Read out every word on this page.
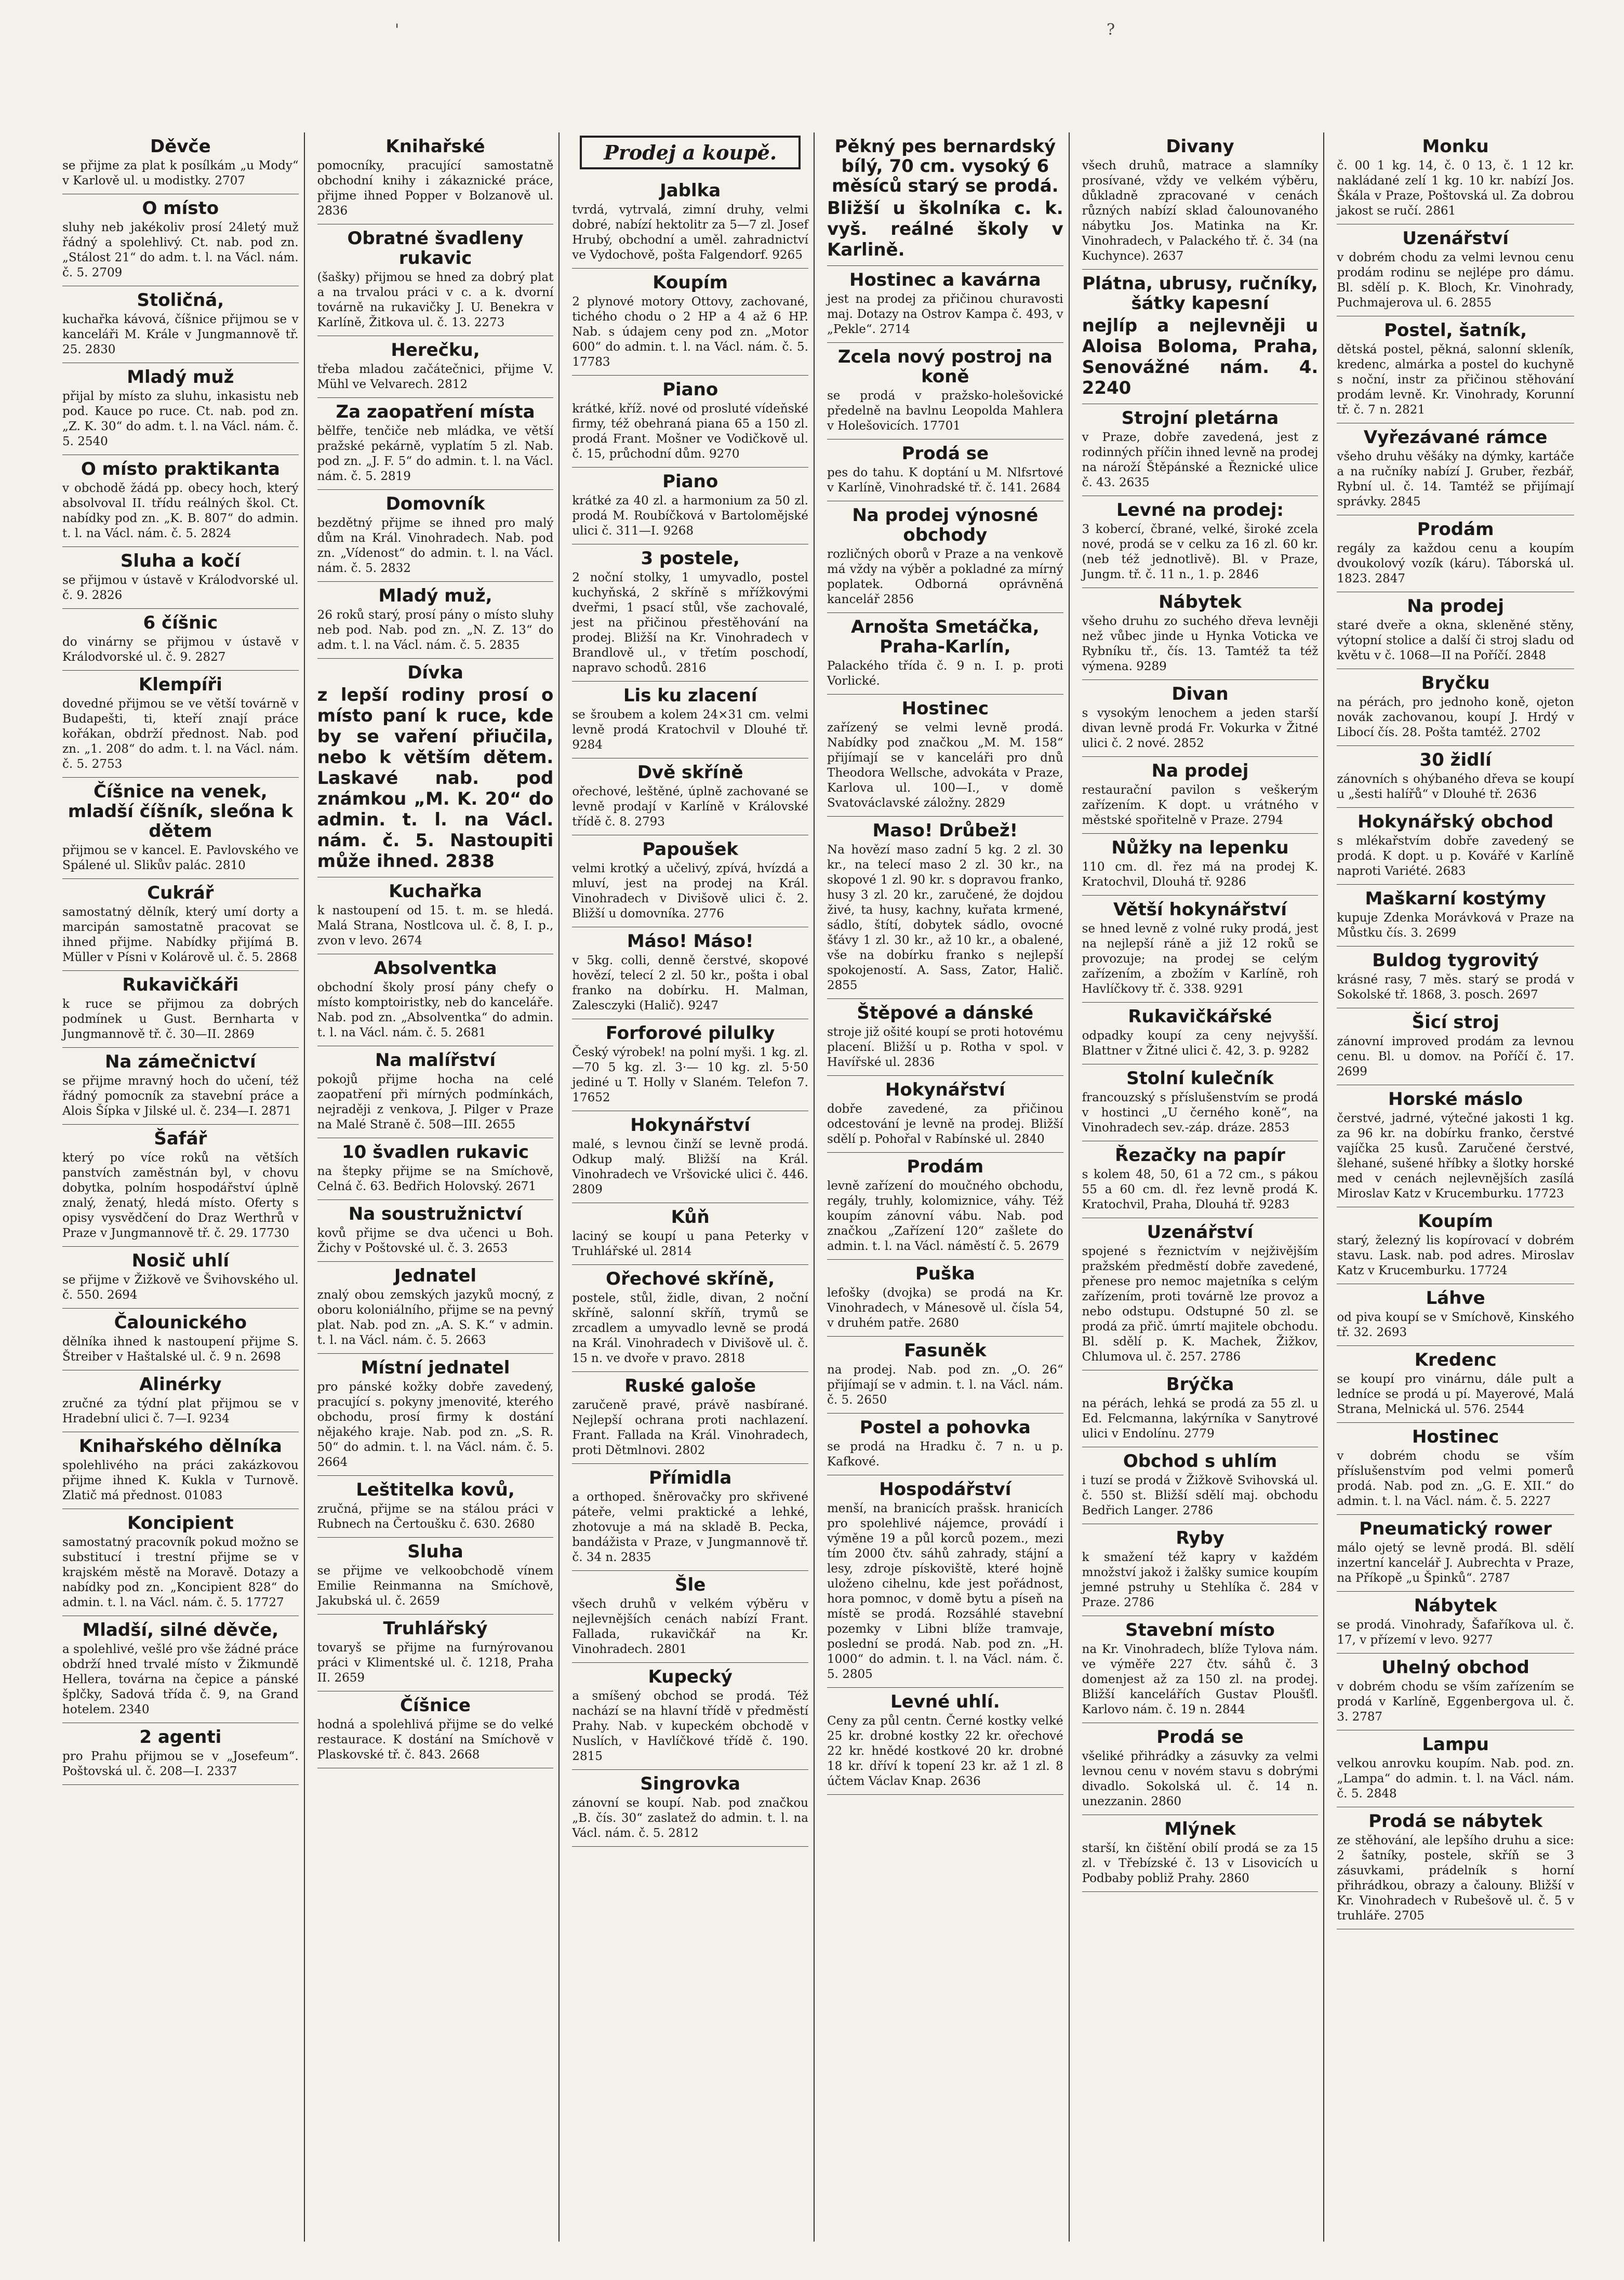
'	?
Děvče

se přijme za plat k posílkám „u Mody“ v Karlově ul. u modistky. 2707

O místo

sluhy neb jakékoliv prosí 24letý muž řádný a spolehlivý. Ct. nab. pod zn. „Stálost 21“ do adm. t. l. na Václ. nám. č. 5. 2709

Stoličná,

kuchařka kávová, číšnice přijmou se v kanceláři M. Krále v Jungmannově tř. 25. 2830

Mladý muž

přijal by místo za sluhu, inkasistu neb pod. Kauce po ruce. Ct. nab. pod zn. „Z. K. 30“ do adm. t. l. na Václ. nám. č. 5. 2540

O místo praktikanta

v obchodě žádá pp. obecy hoch, který absolvoval II. třídu reálných škol. Ct. nabídky pod zn. „K. B. 807“ do admin. t. l. na Václ. nám. č. 5. 2824

Sluha a kočí

se přijmou v ústavě v Králodvorské ul. č. 9. 2826

6 číšnic

do vinárny se přijmou v ústavě v Králodvorské ul. č. 9. 2827

Klempíři

dovedné přijmou se ve větší továrně v Budapešti, ti, kteří znají práce kořákan, obdrží přednost. Nab. pod zn. „1. 208“ do adm. t. l. na Václ. nám. č. 5. 2753

Číšnice na venek, mladší číšník, sleőna k dětem

přijmou se v kancel. E. Pavlovského ve Spálené ul. Slikův palác. 2810

Cukrář

samostatný dělník, který umí dorty a marcipán samostatně pracovat se ihned přijme. Nabídky přijímá B. Müller v Písni v Kolárově ul. č. 5. 2868

Rukavičkáři

k ruce se přijmou za dobrých podmínek u Gust. Bernharta v Jungmannově tř. č. 30—II. 2869

Na zámečnictví

se přijme mravný hoch do učení, též řádný pomocník za stavební práce a Alois Šípka v Jilské ul. č. 234—I. 2871

Šafář

který po více roků na větších panstvích zaměstnán byl, v chovu dobytka, polním hospodářství úplně znalý, ženatý, hledá místo. Oferty s opisy vysvědčení do Draz Werthrů v Praze v Jungmannově tř. č. 29. 17730

Nosič uhlí

se přijme v Žižkově ve Švihovského ul. č. 550. 2694

Čalounického

dělníka ihned k nastoupení přijme S. Štreiber v Haštalské ul. č. 9 n. 2698

Alinérky

zručné za týdní plat přijmou se v Hradební ulici č. 7—I. 9234

Knihařského dělníka

spolehlivého na práci zakázkovou přijme ihned K. Kukla v Turnově. Zlatič má přednost. 01083

Koncipient

samostatný pracovník pokud možno se substitucí i trestní přijme se v krajském městě na Moravě. Dotazy a nabídky pod zn. „Koncipient 828“ do admin. t. l. na Václ. nám. č. 5. 17727

Mladší, silné děvče,

a spolehlivé, vešlé pro vše žádné práce obdrží hned trvalé místo v Žikmundě Hellera, továrna na čepice a pánské šplčky, Sadová třída č. 9, na Grand hotelem. 2340

2 agenti

pro Prahu přijmou se v „Josefeum“. Poštovská ul. č. 208—I. 2337

Knihařské

pomocníky, pracující samostatně obchodní knihy i zákaznické práce, přijme ihned Popper v Bolzanově ul. 2836

Obratné švadleny rukavic

(šašky) přijmou se hned za dobrý plat a na trvalou práci v c. a k. dvorní továrně na rukavičky J. U. Benekra v Karlíně, Žitkova ul. č. 13. 2273

Herečku,

třeba mladou začátečnici, přijme V. Mühl ve Velvarech. 2812

Za zaopatření místa

bělfře, tenčiče neb mládka, ve větší pražské pekárně, vyplatím 5 zl. Nab. pod zn. „J. F. 5“ do admin. t. l. na Václ. nám. č. 5. 2819

Domovník

bezdětný přijme se ihned pro malý dům na Král. Vinohradech. Nab. pod zn. „Vídenost“ do admin. t. l. na Václ. nám. č. 5. 2832

Mladý muž,

26 roků starý, prosí pány o místo sluhy neb pod. Nab. pod zn. „N. Z. 13“ do adm. t. l. na Václ. nám. č. 5. 2835

Dívka

z lepší rodiny prosí o místo paní k ruce, kde by se vaření přiučila, nebo k větším dětem. Laskavé nab. pod známkou „M. K. 20“ do admin. t. l. na Václ. nám. č. 5. Nastoupiti může ihned. 2838

Kuchařka

k nastoupení od 15. t. m. se hledá. Malá Strana, Nostlcova ul. č. 8, I. p., zvon v levo. 2674

Absolventka

obchodní školy prosí pány chefy o místo komptoiristky, neb do kanceláře. Nab. pod zn. „Absolventka“ do admin. t. l. na Václ. nám. č. 5. 2681

Na malířství

pokojů přijme hocha na celé zaopatření při mírných podmínkách, nejraději z venkova, J. Pilger v Praze na Malé Straně č. 508—III. 2655

10 švadlen rukavic

na štepky přijme se na Smíchově, Celná č. 63. Bedřich Holovský. 2671

Na soustružnictví

kovů přijme se dva učenci u Boh. Žichy v Poštovské ul. č. 3. 2653

Jednatel

znalý obou zemských jazyků mocný, z oboru koloniálního, přijme se na pevný plat. Nab. pod zn. „A. S. K.“ v admin. t. l. na Václ. nám. č. 5. 2663

Místní jednatel

pro pánské kožky dobře zavedený, pracující s. pokyny jmenovité, kterého obchodu, prosí firmy k dostání nějakého kraje. Nab. pod zn. „S. R. 50“ do admin. t. l. na Václ. nám. č. 5. 2664

Leštitelka kovů,

zručná, přijme se na stálou práci v Rubnech na Čertoušku č. 630. 2680

Sluha

se přijme ve velkoobchodě vínem Emilie Reinmanna na Smíchově, Jakubská ul. č. 2659

Truhlářský

tovaryš se přijme na furnýrovanou práci v Klimentské ul. č. 1218, Praha II. 2659

Číšnice

hodná a spolehlivá přijme se do velké restaurace. K dostání na Smíchově v Plaskovské tř. č. 843. 2668

Prodej a koupě.
Jablka

tvrdá, vytrvalá, zimní druhy, velmi dobré, nabízí hektolitr za 5—7 zl. Josef Hrubý, obchodní a uměl. zahradnictví ve Vydochově, pošta Falgendorf. 9265

Koupím

2 plynové motory Ottovy, zachované, tichého chodu o 2 HP a 4 až 6 HP. Nab. s údajem ceny pod zn. „Motor 600“ do admin. t. l. na Václ. nám. č. 5. 17783

Piano

krátké, kříž. nové od prosluté vídeňské firmy, též obehraná piana 65 a 150 zl. prodá Frant. Mošner ve Vodičkově ul. č. 15, průchodní dům. 9270

Piano

krátké za 40 zl. a harmonium za 50 zl. prodá M. Roubíčková v Bartolomějské ulici č. 311—I. 9268

3 postele,

2 noční stolky, 1 umyvadlo, postel kuchyňská, 2 skříně s mřížkovými dveřmi, 1 psací stůl, vše zachovalé, jest na přičinou přestěhování na prodej. Bližší na Kr. Vinohradech v Brandlově ul., v třetím poschodí, napravo schodů. 2816

Lis ku zlacení

se šroubem a kolem 24×31 cm. velmi levně prodá Kratochvil v Dlouhé tř. 9284

Dvě skříně

ořechové, leštěné, úplně zachované se levně prodají v Karlíně v Královské třídě č. 8. 2793

Papoušek

velmi krotký a učelivý, zpívá, hvízdá a mluví, jest na prodej na Král. Vinohradech v Divišově ulici č. 2. Bližší u domovníka. 2776

Máso! Máso!

v 5kg. colli, denně čerstvé, skopové hovězí, telecí 2 zl. 50 kr., pošta i obal franko na dobírku. H. Malman, Zalesczyki (Halič). 9247

Forforové pilulky

Český výrobek! na polní myši. 1 kg. zl. —70 5 kg. zl. 3·— 10 kg. zl. 5·50 jediné u T. Holly v Slaném. Telefon 7. 17652

Hokynářství

malé, s levnou činží se levně prodá. Odkup malý. Bližší na Král. Vinohradech ve Vršovické ulici č. 446. 2809

Kůň

laciný se koupí u pana Peterky v Truhlářské ul. 2814

Ořechové skříně,

postele, stůl, židle, divan, 2 noční skříně, salonní skříň, trymů se zrcadlem a umyvadlo levně se prodá na Král. Vinohradech v Divišově ul. č. 15 n. ve dvoře v pravo. 2818

Ruské galoše

zaručeně pravé, právě nasbírané. Nejlepší ochrana proti nachlazení. Frant. Fallada na Král. Vinohradech, proti Dětmlnovi. 2802

Přímidla

a orthoped. šněrovačky pro skřivené páteře, velmi praktické a lehké, zhotovuje a má na skladě B. Pecka, bandážista v Praze, v Jungmannově tř. č. 34 n. 2835

Šle

všech druhů v velkém výběru v nejlevnějších cenách nabízí Frant. Fallada, rukavičkář na Kr. Vinohradech. 2801

Kupecký

a smíšený obchod se prodá. Též nachází se na hlavní třídě v předměstí Prahy. Nab. v kupeckém obchodě v Nuslích, v Havlíčkové třídě č. 190. 2815

Singrovka

zánovní se koupí. Nab. pod značkou „B. čís. 30“ zaslatež do admin. t. l. na Václ. nám. č. 5. 2812

Pěkný pes bernardský bílý, 70 cm. vysoký 6 měsíců starý se prodá.

Bližší u školníka c. k. vyš. reálné školy v Karlině.

Hostinec a kavárna

jest na prodej za přičinou churavosti maj. Dotazy na Ostrov Kampa č. 493, v „Pekle“. 2714

Zcela nový postroj na koně

se prodá v pražsko-holešovické předelně na bavlnu Leopolda Mahlera v Holešovicích. 17701

Prodá se

pes do tahu. K doptání u M. Nlfsrtové v Karlíně, Vinohradské tř. č. 141. 2684

Na prodej výnosné obchody

rozličných oborů v Praze a na venkově má vždy na výběr a pokladné za mírný poplatek. Odborná oprávněná kancelář 2856

Arnošta Smetáčka, Praha-Karlín,

Palackého třída č. 9 n. I. p. proti Vorlické.

Hostinec

zařízený se velmi levně prodá. Nabídky pod značkou „M. M. 158“ přijímají se v kanceláři pro dnů Theodora Wellsche, advokáta v Praze, Karlova ul. 100—I., v domě Svatováclavské záložny. 2829

Maso! Drůbež!

Na hovězí maso zadní 5 kg. 2 zl. 30 kr., na telecí maso 2 zl. 30 kr., na skopové 1 zl. 90 kr. s dopravou franko, husy 3 zl. 20 kr., zaručené, že dojdou živé, ta husy, kachny, kuřata krmené, sádlo, štítí, dobytek sádlo, ovocné šťávy 1 zl. 30 kr., až 10 kr., a obalené, vše na dobírku franko s nejlepší spokojeností. A. Sass, Zator, Halič. 2855

Štěpové a dánské

stroje již ošité koupí se proti hotovému placení. Bližší u p. Rotha v spol. v Havířské ul. 2836

Hokynářství

dobře zavedené, za přičinou odcestování je levně na prodej. Bližší sdělí p. Pohořal v Rabínské ul. 2840

Prodám

levně zařízení do moučného obchodu, regály, truhly, kolomiznice, váhy. Též koupím zánovní vábu. Nab. pod značkou „Zařízení 120“ zašlete do admin. t. l. na Václ. náměstí č. 5. 2679

Puška

lefošky (dvojka) se prodá na Kr. Vinohradech, v Mánesově ul. čísla 54, v druhém patře. 2680

Fasuněk

na prodej. Nab. pod zn. „O. 26“ přijímají se v admin. t. l. na Václ. nám. č. 5. 2650

Postel a pohovka

se prodá na Hradku č. 7 n. u p. Kafkové.

Hospodářství

menší, na branicích prašsk. hranicích pro spolehlivé nájemce, provádí i výměne 19 a půl korců pozem., mezi tím 2000 čtv. sáhů zahrady, stájní a lesy, zdroje pískoviště, které hojně uloženo cihelnu, kde jest pořádnost, hora pomnoc, v domě bytu a píseň na místě se prodá. Rozsáhlé stavební pozemky v Libni blíže tramvaje, poslední se prodá. Nab. pod zn. „H. 1000“ do admin. t. l. na Václ. nám. č. 5. 2805

Levné uhlí.

Ceny za půl centn. Černé kostky velké 25 kr. drobné kostky 22 kr. ořechové 22 kr. hnědé kostkové 20 kr. drobné 18 kr. dříví k topení 23 kr. až 1 zl. 8 účtem Václav Knap. 2636

Divany

všech druhů, matrace a slamníky prosívané, vždy ve velkém výběru, důkladně zpracované v cenách různých nabízí sklad čalounovaného nábytku Jos. Matinka na Kr. Vinohradech, v Palackého tř. č. 34 (na Kuchynce). 2637

Plátna, ubrusy, ručníky, šátky kapesní

nejlíp a nejlevněji u Aloisa Boloma, Praha, Senovážné nám. 4. 2240

Strojní pletárna

v Praze, dobře zavedená, jest z rodinných příčin ihned levně na prodej na nároží Štěpánské a Řeznické ulice č. 43. 2635

Levné na prodej:

3 kobercí, čbrané, velké, široké zcela nové, prodá se v celku za 16 zl. 60 kr. (neb též jednotlivě). Bl. v Praze, Jungm. tř. č. 11 n., 1. p. 2846

Nábytek

všeho druhu zo suchého dřeva levněji než vůbec jinde u Hynka Voticka ve Rybníku tř., čís. 13. Tamtéž ta též výmena. 9289

Divan

s vysokým lenochem a jeden starší divan levně prodá Fr. Vokurka v Žitné ulici č. 2 nové. 2852

Na prodej

restaurační pavilon s veškerým zařízením. K dopt. u vrátného v městské spořitelně v Praze. 2794

Nůžky na lepenku

110 cm. dl. řez má na prodej K. Kratochvil, Dlouhá tř. 9286

Větší hokynářství

se hned levně z volné ruky prodá, jest na nejlepší ráně a již 12 roků se provozuje; na prodej se celým zařízením, a zbožím v Karlíně, roh Havlíčkovy tř. č. 338. 9291

Rukavičkářské

odpadky koupí za ceny nejvyšší. Blattner v Žitné ulici č. 42, 3. p. 9282

Stolní kulečník

francouzský s příslušenstvím se prodá v hostinci „U černého koně“, na Vinohradech sev.-záp. dráze. 2853

Řezačky na papír

s kolem 48, 50, 61 a 72 cm., s pákou 55 a 60 cm. dl. řez levně prodá K. Kratochvil, Praha, Dlouhá tř. 9283

Uzenářství

spojené s řeznictvím v nejživějším pražském předměstí dobře zavedené, přenese pro nemoc majetníka s celým zařízením, proti továrně lze provoz a nebo odstupu. Odstupné 50 zl. se prodá za přič. úmrtí majitele obchodu. Bl. sdělí p. K. Machek, Žižkov, Chlumova ul. č. 257. 2786

Brýčka

na pérách, lehká se prodá za 55 zl. u Ed. Felcmanna, lakýrníka v Sanytrové ulici v Endolínu. 2779

Obchod s uhlím

i tuzí se prodá v Žižkově Svihovská ul. č. 550 st. Bližší sdělí maj. obchodu Bedřich Langer. 2786

Ryby

k smažení též kapry v každém množství jakož i žalšky sumice koupím jemné pstruhy u Stehlíka č. 284 v Praze. 2786

Stavební místo

na Kr. Vinohradech, blíže Tylova nám. ve výměře 227 čtv. sáhů č. 3 domenjest až za 150 zl. na prodej. Bližší kancelářích Gustav Ploušťl. Karlovo nám. č. 19 n. 2844

Prodá se

všeliké přihrádky a zásuvky za velmi levnou cenu v novém stavu s dobrými divadlo. Sokolská ul. č. 14 n. unezzanin. 2860

Mlýnek

starší, kn čištění obilí prodá se za 15 zl. v Třebízské č. 13 v Lisovicích u Podbaby pobliž Prahy. 2860

Monku

č. 00 1 kg. 14, č. 0 13, č. 1 12 kr. nakládané zelí 1 kg. 10 kr. nabízí Jos. Škála v Praze, Poštovská ul. Za dobrou jakost se ručí. 2861

Uzenářství

v dobrém chodu za velmi levnou cenu prodám rodinu se nejlépe pro dámu. Bl. sdělí p. K. Bloch, Kr. Vinohrady, Puchmajerova ul. 6. 2855

Postel, šatník,

dětská postel, pěkná, salonní skleník, kredenc, almárka a postel do kuchyně s noční, instr za přičinou stěhování prodám levně. Kr. Vinohrady, Korunní tř. č. 7 n. 2821

Vyřezávané rámce

všeho druhu věšáky na dýmky, kartáče a na ručníky nabízí J. Gruber, řezbář, Rybní ul. č. 14. Tamtéž se přijímají správky. 2845

Prodám

regály za každou cenu a koupím dvoukolový vozík (káru). Táborská ul. 1823. 2847

Na prodej

staré dveře a okna, skleněné stěny, výtopní stolice a další či stroj sladu od květu v č. 1068—II na Poříčí. 2848

Bryčku

na pérách, pro jednoho koně, ojeton novák zachovanou, koupí J. Hrdý v Libocí čís. 28. Pošta tamtéž. 2702

30 židlí

zánovních s ohýbaného dřeva se koupí u „šesti halířů“ v Dlouhé tř. 2636

Hokynářský obchod

s mlékařstvím dobře zavedený se prodá. K dopt. u p. Kovářé v Karlíně naproti Variété. 2683

Maškarní kostýmy

kupuje Zdenka Morávková v Praze na Můstku čís. 3. 2699

Buldog tygrovitý

krásné rasy, 7 měs. starý se prodá v Sokolské tř. 1868, 3. posch. 2697

Šicí stroj

zánovní improved prodám za levnou cenu. Bl. u domov. na Poříčí č. 17. 2699

Horské máslo

čerstvé, jadrné, výtečné jakosti 1 kg. za 96 kr. na dobírku franko, čerstvé vajíčka 25 kusů. Zaručené čerstvé, šlehané, sušené hříbky a šlotky horské med v cenách nejlevnějších zasílá Miroslav Katz v Krucemburku. 17723

Koupím

starý, železný lis kopírovací v dobrém stavu. Lask. nab. pod adres. Miroslav Katz v Krucemburku. 17724

Láhve

od piva koupí se v Smíchově, Kinského tř. 32. 2693

Kredenc

se koupí pro vinárnu, dále pult a ledníce se prodá u pí. Mayerové, Malá Strana, Melnická ul. 576. 2544

Hostinec

v dobrém chodu se vším příslušenstvím pod velmi pomerů prodá. Nab. pod zn. „G. E. XII.“ do admin. t. l. na Václ. nám. č. 5. 2227

Pneumatický rower

málo ojetý se levně prodá. Bl. sdělí inzertní kancelář J. Aubrechta v Praze, na Příkopě „u Špinků“. 2787

Nábytek

se prodá. Vinohrady, Šafaříkova ul. č. 17, v přízemí v levo. 9277

Uhelný obchod

v dobrém chodu se vším zařízením se prodá v Karlíně, Eggenbergova ul. č. 3. 2787

Lampu

velkou anrovku koupím. Nab. pod. zn. „Lampa“ do admin. t. l. na Václ. nám. č. 5. 2848

Prodá se nábytek

ze stěhování, ale lepšího druhu a sice: 2 šatníky, postele, skříň se 3 zásuvkami, prádelník s horní přihrádkou, obrazy a čalouny. Bližší v Kr. Vinohradech v Rubešově ul. č. 5 v truhláře. 2705
